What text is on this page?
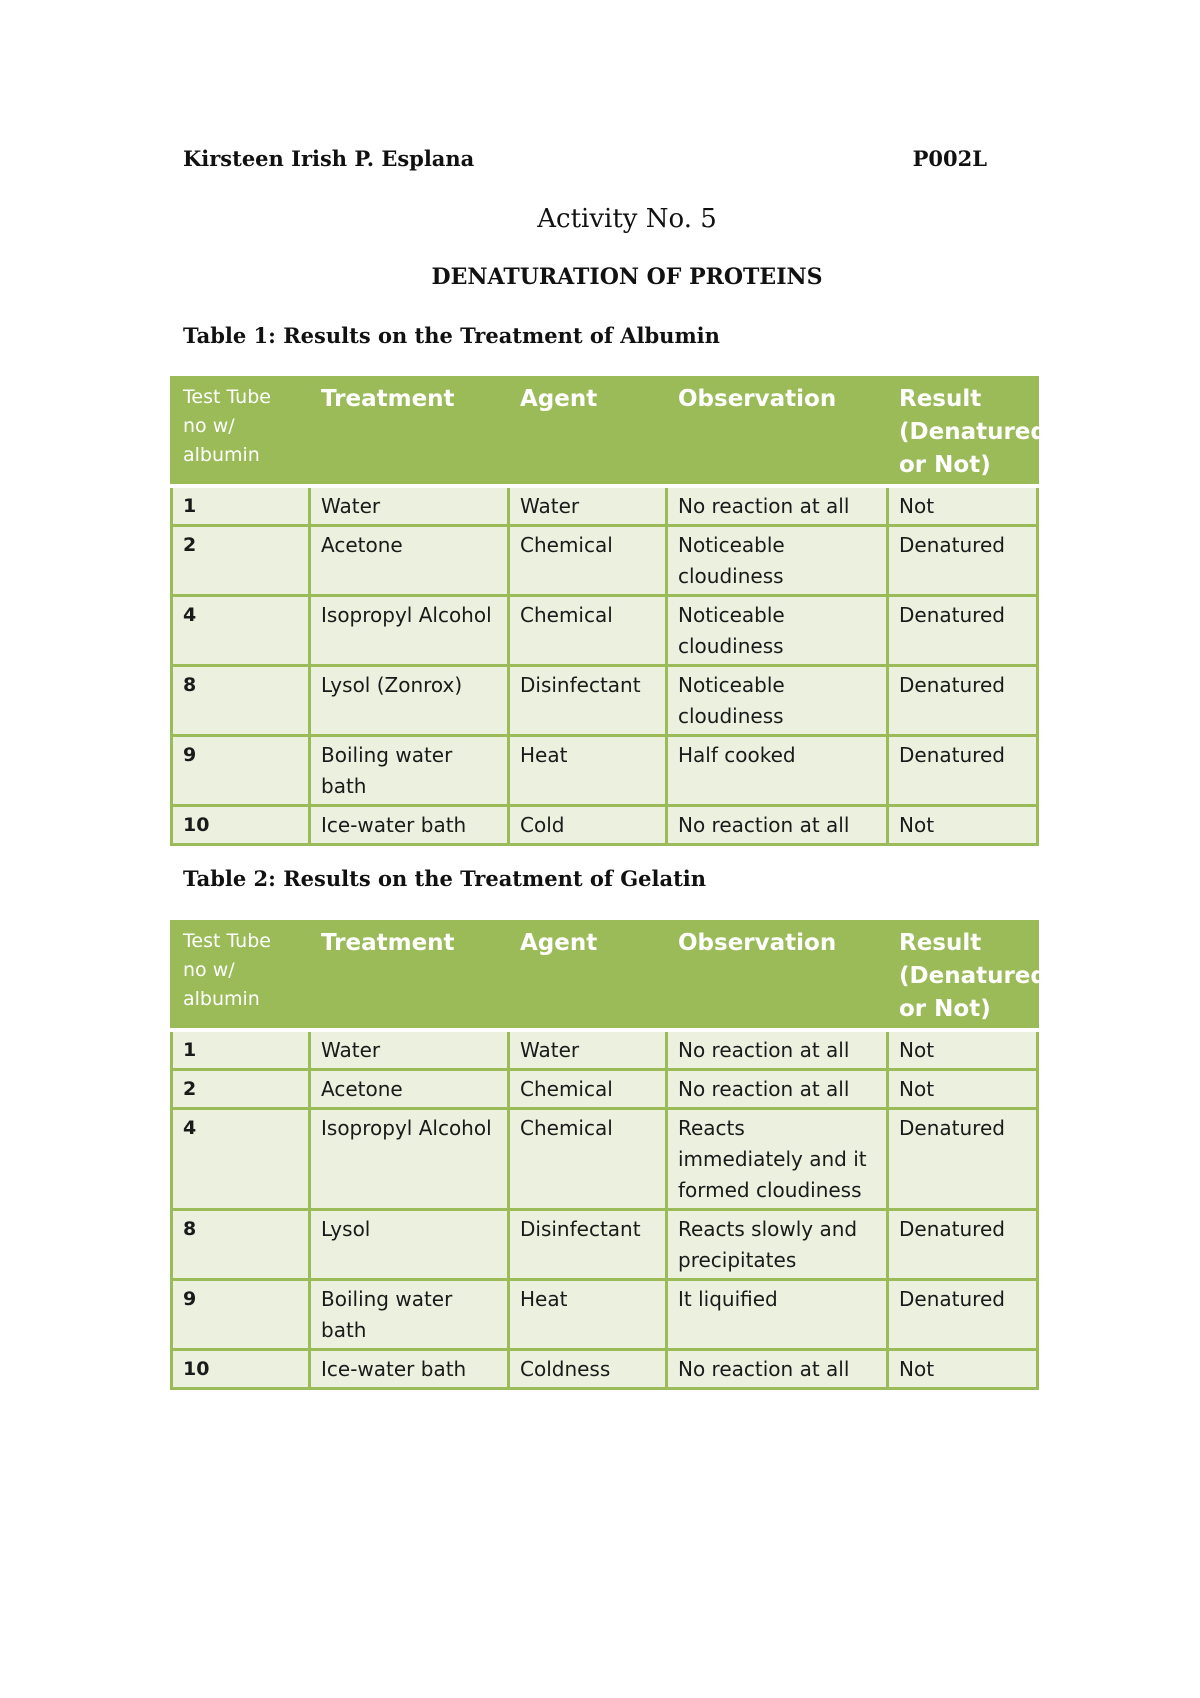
Kirsteen Irish P. Esplana	P002L
Activity No. 5
DENATURATION OF PROTEINS
Table 1: Results on the Treatment of Albumin
Test Tube no w/ albumin	Treatment	Agent	Observation	Result (Denatured or Not)
1	Water	Water	No reaction at all	Not
2	Acetone	Chemical	Noticeable cloudiness	Denatured
4	Isopropyl Alcohol	Chemical	Noticeable cloudiness	Denatured
8	Lysol (Zonrox)	Disinfectant	Noticeable cloudiness	Denatured
9	Boiling water bath	Heat	Half cooked	Denatured
10	Ice-water bath	Cold	No reaction at all	Not
Table 2: Results on the Treatment of Gelatin
Test Tube no w/ albumin	Treatment	Agent	Observation	Result (Denatured or Not)
1	Water	Water	No reaction at all	Not
2	Acetone	Chemical	No reaction at all	Not
4	Isopropyl Alcohol	Chemical	Reacts immediately and it formed cloudiness	Denatured
8	Lysol	Disinfectant	Reacts slowly and precipitates	Denatured
9	Boiling water bath	Heat	It liquified	Denatured
10	Ice-water bath	Coldness	No reaction at all	Not
